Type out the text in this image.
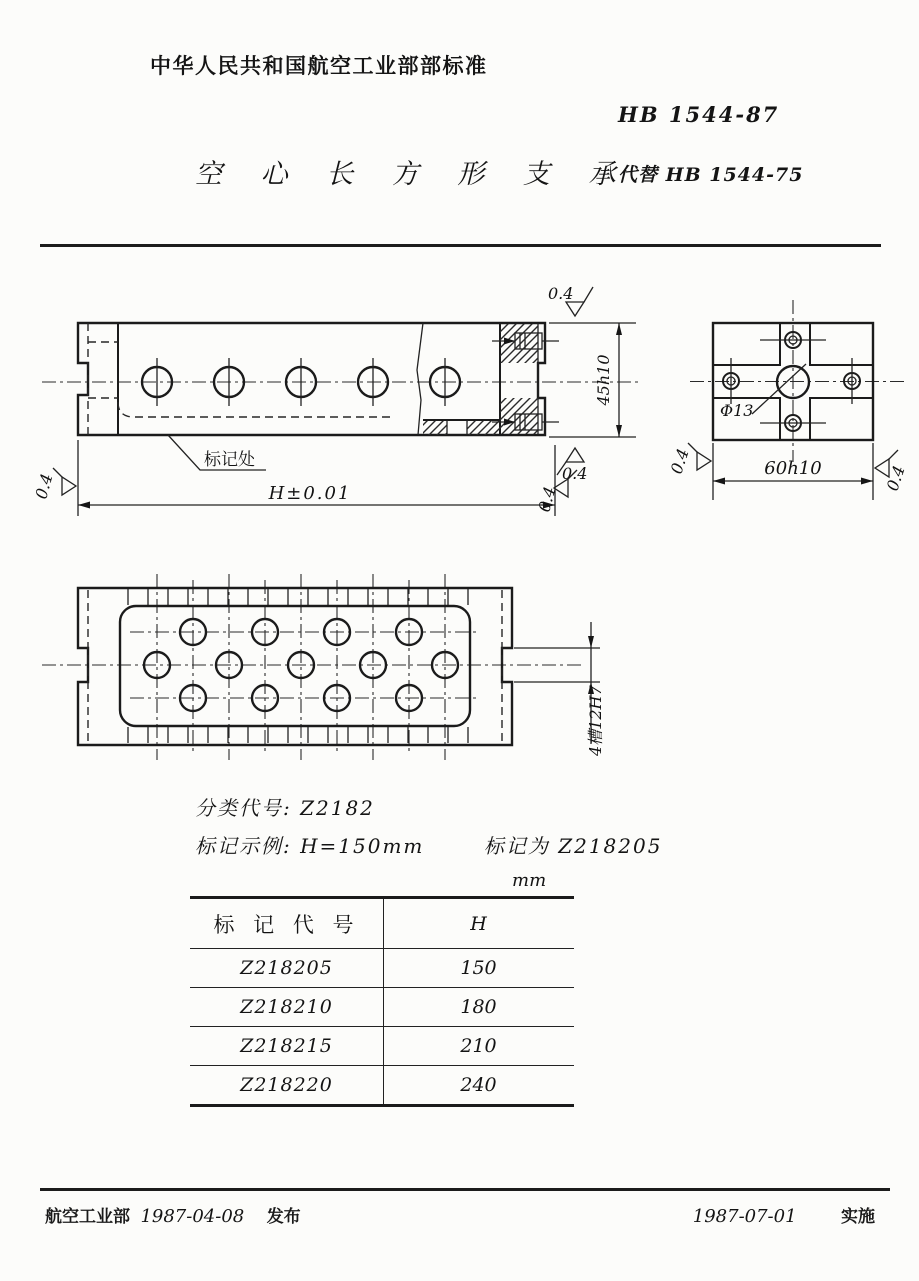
中华人民共和国航空工业部部标准
HB 1544-87
空 心 长 方 形 支 承
代替 HB 1544-75
标记处
45h10
0.4
0.4
H±0.01
0.4	0.4
Φ13
60h10
0.4
0.4
4槽12H7
分类代号: Z2182
标记示例: H=150mm	标记为 Z218205
mm
标 记 代 号	H
Z218205	150
Z218210	180
Z218215	210
Z218220	240
航空工业部 1987-04-08 发布	1987-07-01	实施
